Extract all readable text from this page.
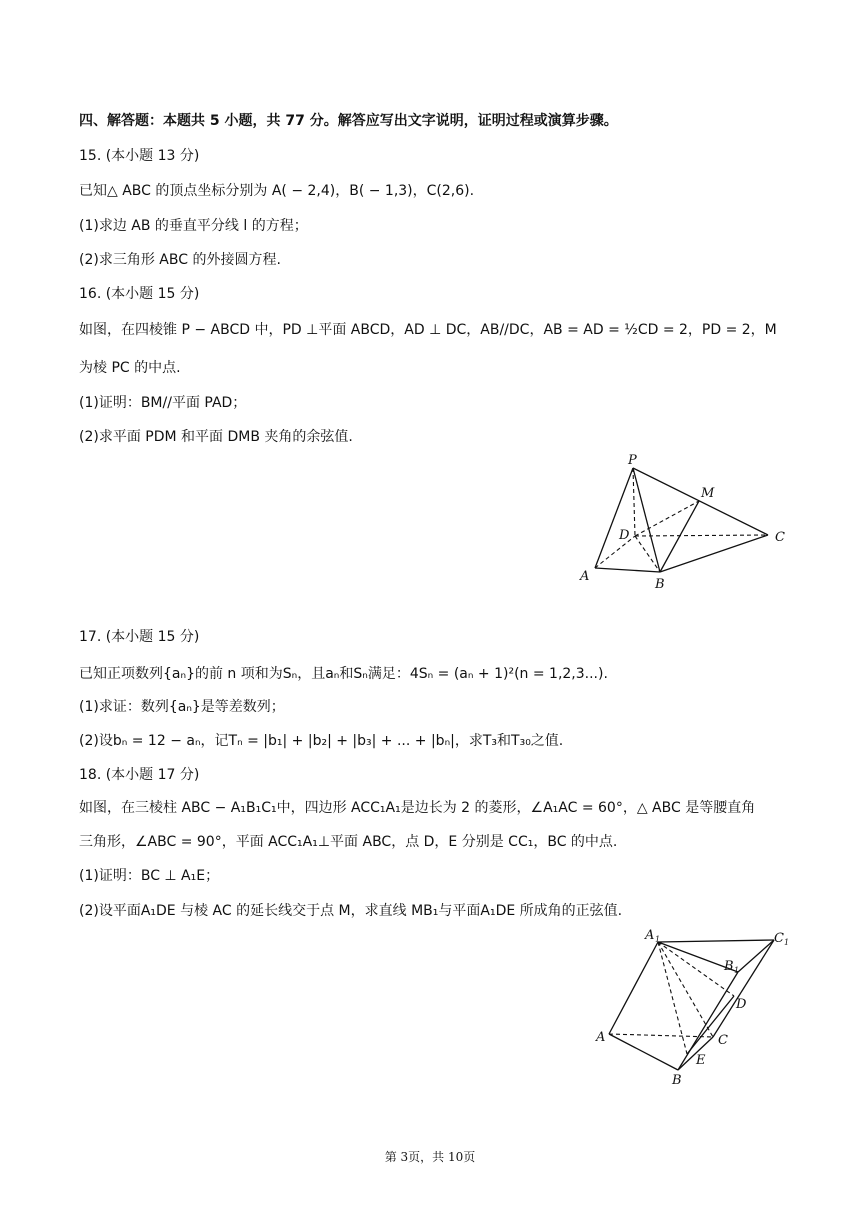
四、解答题：本题共 5 小题，共 77 分。解答应写出文字说明，证明过程或演算步骤。
15. (本小题 13 分)
已知△ ABC 的顶点坐标分别为 A( − 2,4)，B( − 1,3)，C(2,6).
(1)求边 AB 的垂直平分线 l 的方程；
(2)求三角形 ABC 的外接圆方程.
16. (本小题 15 分)
如图，在四棱锥 P − ABCD 中，PD ⊥平面 ABCD，AD ⊥ DC，AB//DC，AB = AD = ½CD = 2，PD = 2，M
为棱 PC 的中点.
(1)证明：BM//平面 PAD；
(2)求平面 PDM 和平面 DMB 夹角的余弦值.
P
M
D	C
A
B
17. (本小题 15 分)
已知正项数列{aₙ}的前 n 项和为Sₙ，且aₙ和Sₙ满足：4Sₙ = (aₙ + 1)²(n = 1,2,3...).
(1)求证：数列{aₙ}是等差数列；
(2)设bₙ = 12 − aₙ，记Tₙ = |b₁| + |b₂| + |b₃| + ... + |bₙ|，求T₃和T₃₀之值.
18. (本小题 17 分)
如图，在三棱柱 ABC − A₁B₁C₁中，四边形 ACC₁A₁是边长为 2 的菱形，∠A₁AC = 60°，△ ABC 是等腰直角
三角形，∠ABC = 90°，平面 ACC₁A₁⊥平面 ABC，点 D，E 分别是 CC₁，BC 的中点.
(1)证明：BC ⊥ A₁E；
(2)设平面A₁DE 与棱 AC 的延长线交于点 M，求直线 MB₁与平面A₁DE 所成角的正弦值.
A 1	C 1
B 1
D
A	C
E
B
第 3页，共 10页
